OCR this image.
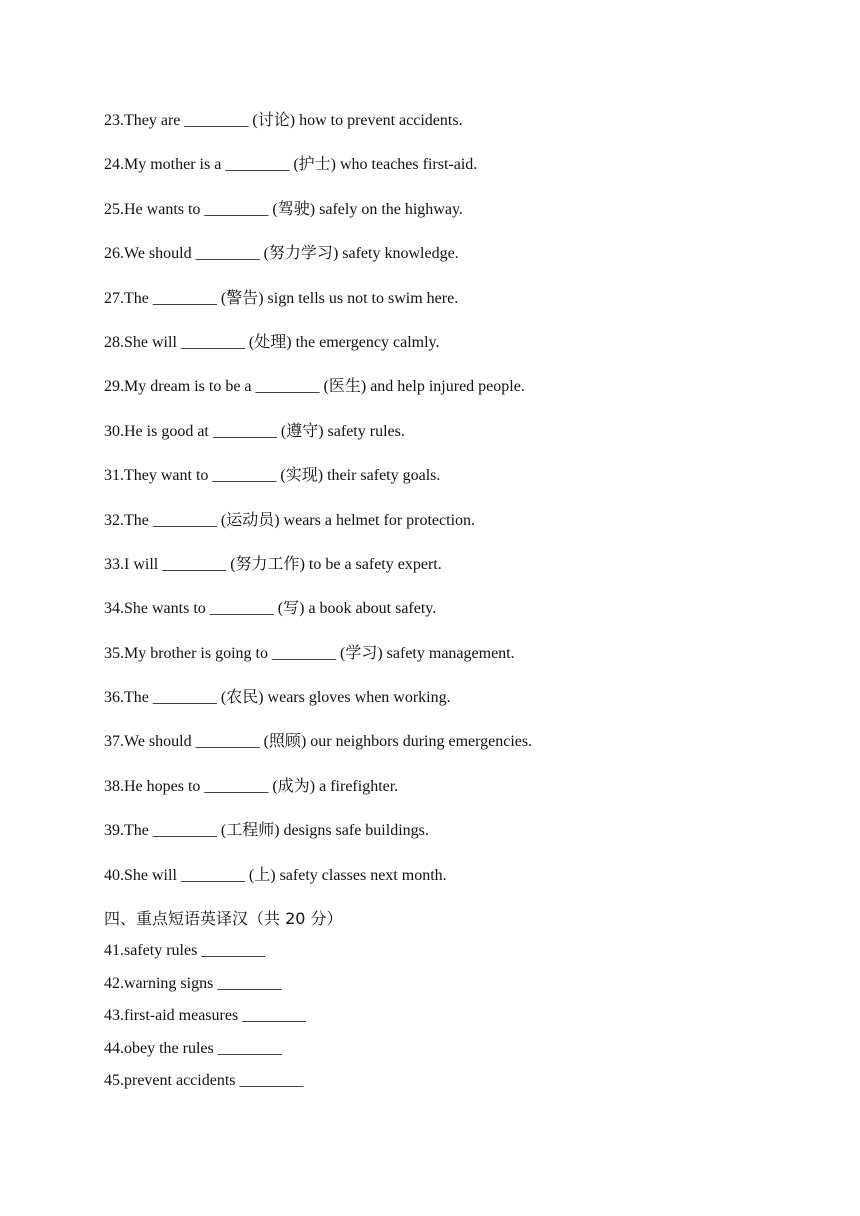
23.They are ________ (讨论) how to prevent accidents.
24.My mother is a ________ (护士) who teaches first-aid.
25.He wants to ________ (驾驶) safely on the highway.
26.We should ________ (努力学习) safety knowledge.
27.The ________ (警告) sign tells us not to swim here.
28.She will ________ (处理) the emergency calmly.
29.My dream is to be a ________ (医生) and help injured people.
30.He is good at ________ (遵守) safety rules.
31.They want to ________ (实现) their safety goals.
32.The ________ (运动员) wears a helmet for protection.
33.I will ________ (努力工作) to be a safety expert.
34.She wants to ________ (写) a book about safety.
35.My brother is going to ________ (学习) safety management.
36.The ________ (农民) wears gloves when working.
37.We should ________ (照顾) our neighbors during emergencies.
38.He hopes to ________ (成为) a firefighter.
39.The ________ (工程师) designs safe buildings.
40.She will ________ (上) safety classes next month.
四、重点短语英译汉（共 20 分）
41.safety rules ________
42.warning signs ________
43.first-aid measures ________
44.obey the rules ________
45.prevent accidents ________
